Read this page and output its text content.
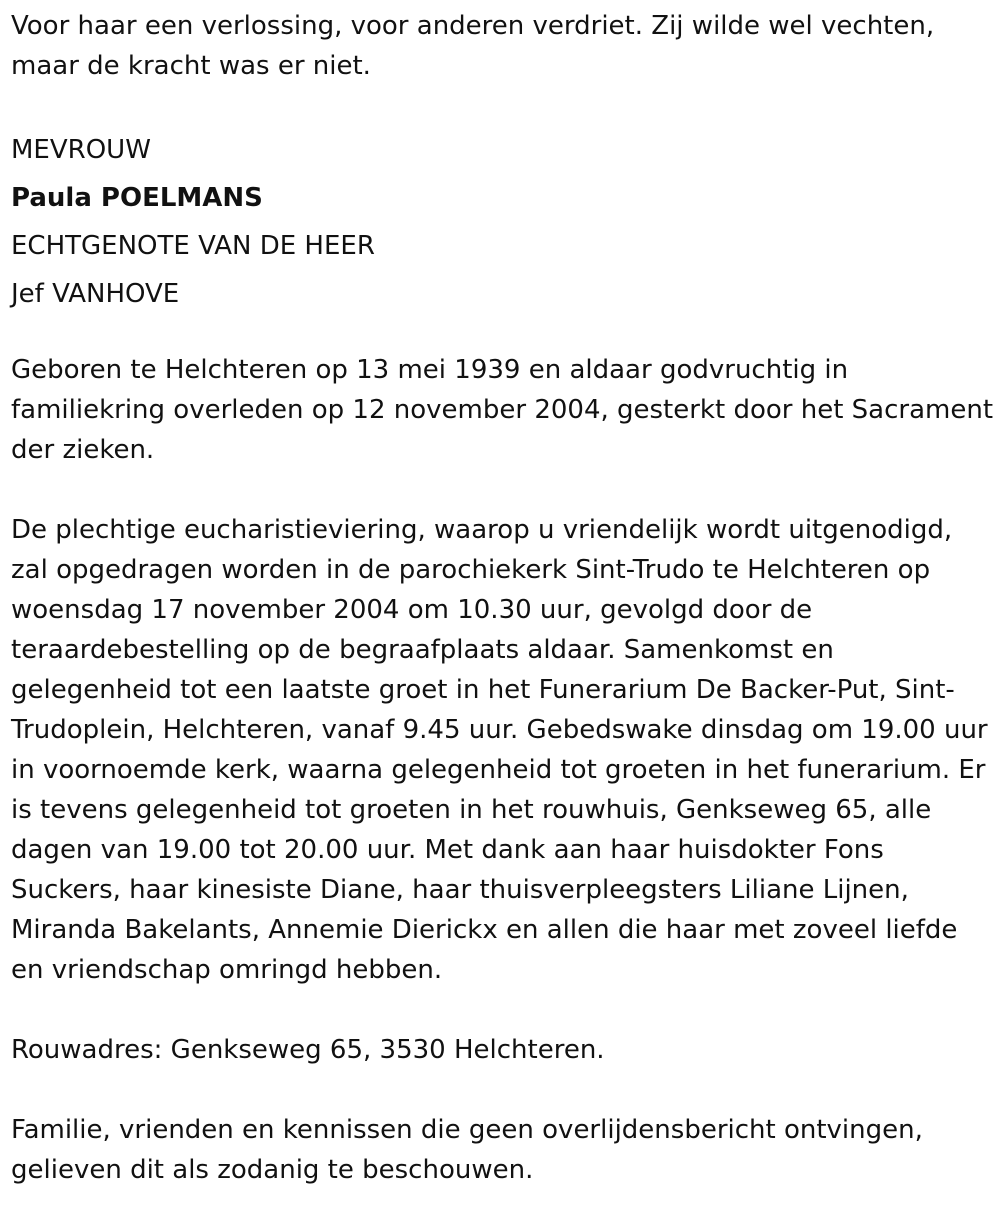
Voor haar een verlossing, voor anderen verdriet. Zij wilde wel vechten, maar de kracht was er niet.

MEVROUW

Paula POELMANS

ECHTGENOTE VAN DE HEER

Jef VANHOVE

Geboren te Helchteren op 13 mei 1939 en aldaar godvruchtig in familiekring overleden op 12 november 2004, gesterkt door het Sacrament der zieken.

De plechtige eucharistieviering, waarop u vriendelijk wordt uitgenodigd, zal opgedragen worden in de parochiekerk Sint-Trudo te Helchteren op woensdag 17 november 2004 om 10.30 uur, gevolgd door de teraardebestelling op de begraafplaats aldaar. Samenkomst en gelegenheid tot een laatste groet in het Funerarium De Backer-Put, Sint-Trudoplein, Helchteren, vanaf 9.45 uur. Gebedswake dinsdag om 19.00 uur in voornoemde kerk, waarna gelegenheid tot groeten in het funerarium. Er is tevens gelegenheid tot groeten in het rouwhuis, Genkseweg 65, alle dagen van 19.00 tot 20.00 uur. Met dank aan haar huisdokter Fons Suckers, haar kinesiste Diane, haar thuisverpleegsters Liliane Lijnen, Miranda Bakelants, Annemie Dierickx en allen die haar met zoveel liefde en vriendschap omringd hebben.

Rouwadres: Genkseweg 65, 3530 Helchteren.

Familie, vrienden en kennissen die geen overlijdensbericht ontvingen, gelieven dit als zodanig te beschouwen.
